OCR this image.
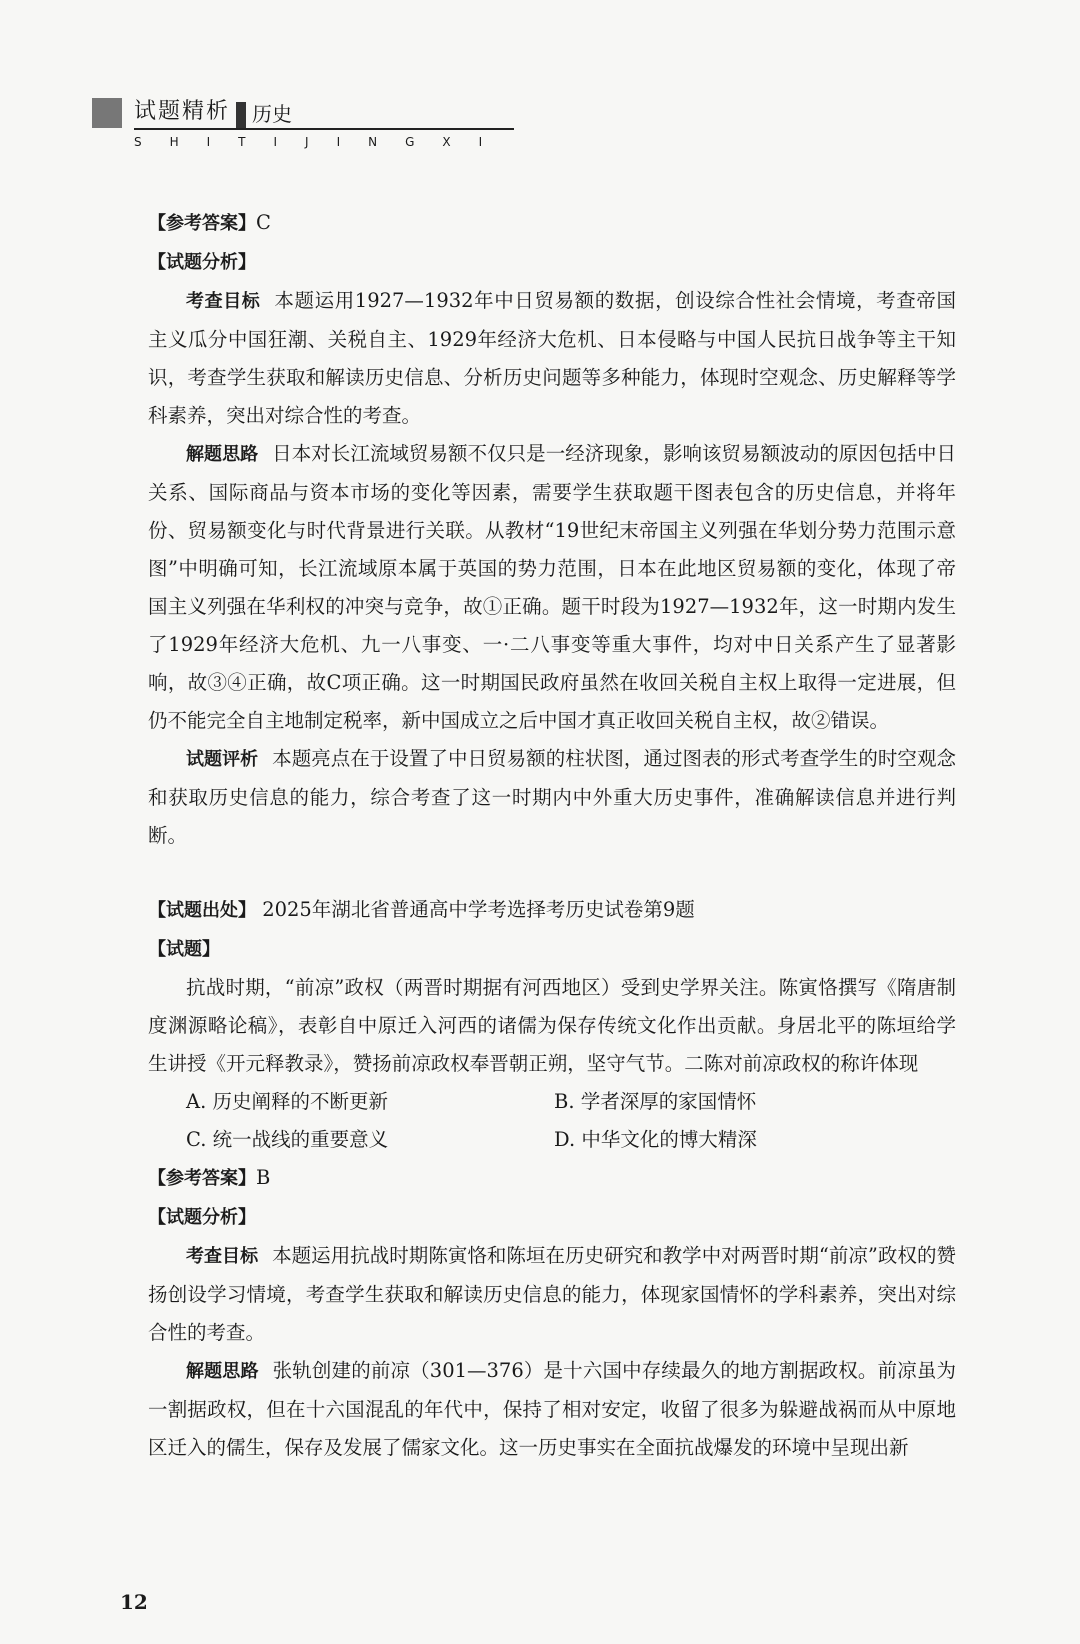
试题精析 历史
SHITIJINGXI

【参考答案】C

【试题分析】

考查目标 本题运用1927—1932年中日贸易额的数据，创设综合性社会情境，考查帝国主义瓜分中国狂潮、关税自主、1929年经济大危机、日本侵略与中国人民抗日战争等主干知识，考查学生获取和解读历史信息、分析历史问题等多种能力，体现时空观念、历史解释等学科素养，突出对综合性的考查。

解题思路 日本对长江流域贸易额不仅只是一经济现象，影响该贸易额波动的原因包括中日关系、国际商品与资本市场的变化等因素，需要学生获取题干图表包含的历史信息，并将年份、贸易额变化与时代背景进行关联。从教材“19世纪末帝国主义列强在华划分势力范围示意图”中明确可知，长江流域原本属于英国的势力范围，日本在此地区贸易额的变化，体现了帝国主义列强在华利权的冲突与竞争，故①正确。题干时段为1927—1932年，这一时期内发生了1929年经济大危机、九一八事变、一·二八事变等重大事件，均对中日关系产生了显著影响，故③④正确，故C项正确。这一时期国民政府虽然在收回关税自主权上取得一定进展，但仍不能完全自主地制定税率，新中国成立之后中国才真正收回关税自主权，故②错误。

试题评析 本题亮点在于设置了中日贸易额的柱状图，通过图表的形式考查学生的时空观念和获取历史信息的能力，综合考查了这一时期内中外重大历史事件，准确解读信息并进行判断。

【试题出处】 2025年湖北省普通高中学考选择考历史试卷第9题

【试题】

抗战时期，“前凉”政权（两晋时期据有河西地区）受到史学界关注。陈寅恪撰写《隋唐制度渊源略论稿》，表彰自中原迁入河西的诸儒为保存传统文化作出贡献。身居北平的陈垣给学生讲授《开元释教录》，赞扬前凉政权奉晋朝正朔，坚守气节。二陈对前凉政权的称许体现

A. 历史阐释的不断更新	B. 学者深厚的家国情怀
C. 统一战线的重要意义	D. 中华文化的博大精深

【参考答案】B

【试题分析】

考查目标 本题运用抗战时期陈寅恪和陈垣在历史研究和教学中对两晋时期“前凉”政权的赞扬创设学习情境，考查学生获取和解读历史信息的能力，体现家国情怀的学科素养，突出对综合性的考查。

解题思路 张轨创建的前凉（301—376）是十六国中存续最久的地方割据政权。前凉虽为一割据政权，但在十六国混乱的年代中，保持了相对安定，收留了很多为躲避战祸而从中原地区迁入的儒生，保存及发展了儒家文化。这一历史事实在全面抗战爆发的环境中呈现出新

12
